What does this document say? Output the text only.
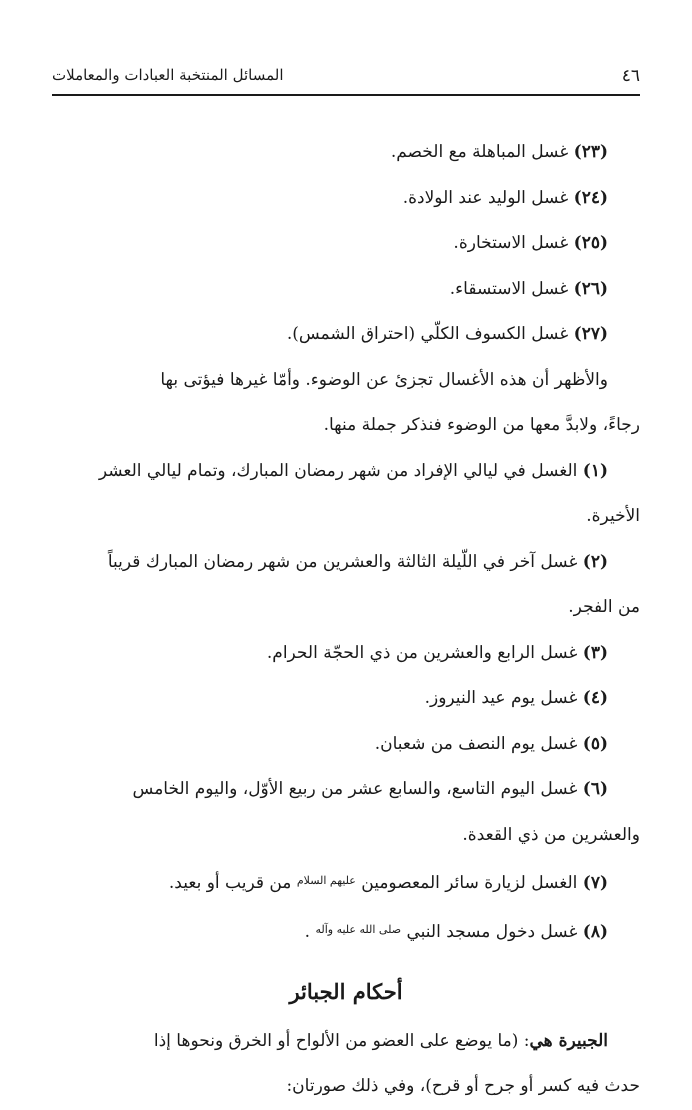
المسائل المنتخبة العبادات والمعاملات	٤٦

(٢٣) غسل المباهلة مع الخصم.

(٢٤) غسل الوليد عند الولادة.

(٢٥) غسل الاستخارة.

(٢٦) غسل الاستسقاء.

(٢٧) غسل الكسوف الكلّي (احتراق الشمس).

والأظهر أن هذه الأغسال تجزئ عن الوضوء. وأمّا غيرها فيؤتى بها

رجاءً، ولابدَّ معها من الوضوء فنذكر جملة منها.

(١) الغسل في ليالي الإفراد من شهر رمضان المبارك، وتمام ليالي العشر

الأخيرة.

(٢) غسل آخر في اللّيلة الثالثة والعشرين من شهر رمضان المبارك قريباً

من الفجر.

(٣) غسل الرابع والعشرين من ذي الحجّة الحرام.

(٤) غسل يوم عيد النيروز.

(٥) غسل يوم النصف من شعبان.

(٦) غسل اليوم التاسع، والسابع عشر من ربيع الأوّل، واليوم الخامس

والعشرين من ذي القعدة.

(٧) الغسل لزيارة سائر المعصومين $^{عليهم السلام}$ من قريب أو بعيد.

(٨) غسل دخول مسجد النبي $^{صلى الله عليه وآله}$ .

أحكام الجبائر

الجبيرة هي: (ما يوضع على العضو من الألواح أو الخرق ونحوها إذا

حدث فيه كسر أو جرح أو قرح)، وفي ذلك صورتان:
